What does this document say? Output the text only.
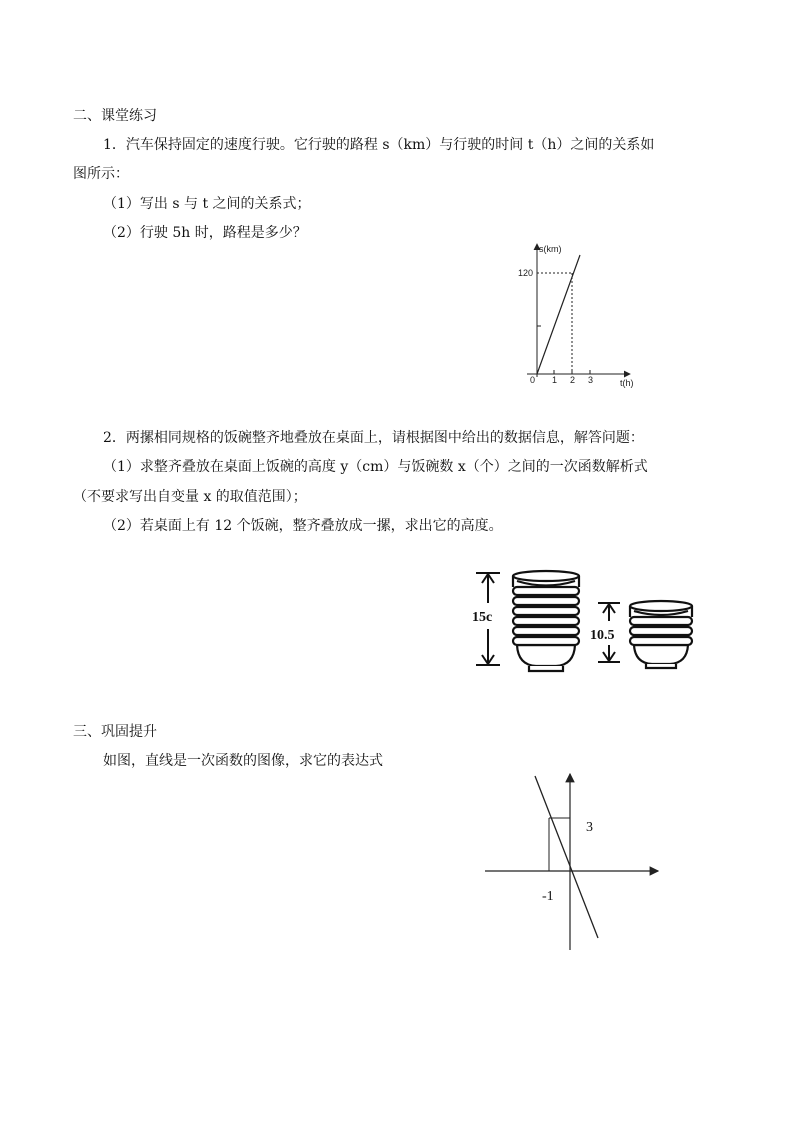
二、课堂练习
1．汽车保持固定的速度行驶。它行驶的路程 s（km）与行驶的时间 t（h）之间的关系如
图所示：
（1）写出 s 与 t 之间的关系式；
（2）行驶 5h 时，路程是多少？
s(km)
120
0 1 2 3	t(h)
2．两摞相同规格的饭碗整齐地叠放在桌面上，请根据图中给出的数据信息，解答问题：
（1）求整齐叠放在桌面上饭碗的高度 y（cm）与饭碗数 x（个）之间的一次函数解析式
（不要求写出自变量 x 的取值范围）；
（2）若桌面上有 12 个饭碗，整齐叠放成一摞，求出它的高度。
15c
10.5
三、巩固提升
如图，直线是一次函数的图像，求它的表达式
3
-1
